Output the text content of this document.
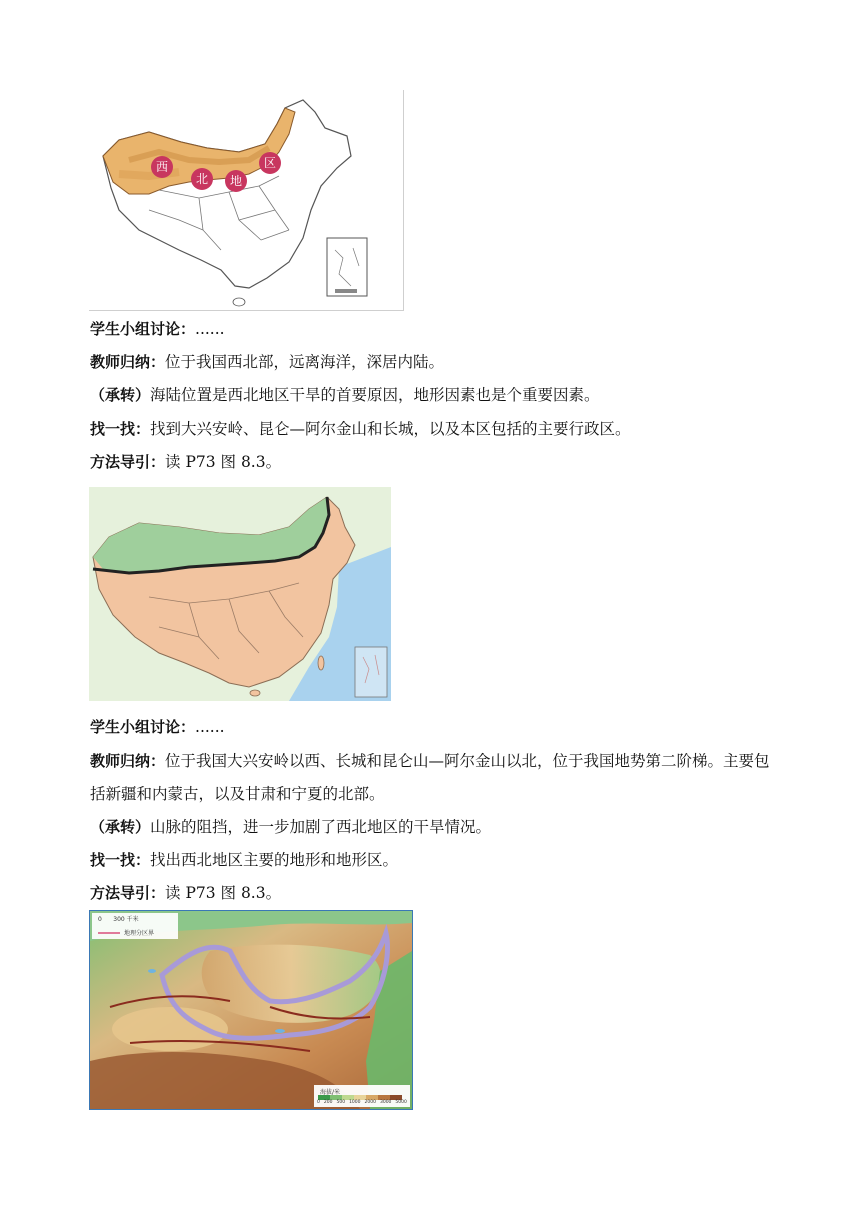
西
北	地
区
学生小组讨论：......
教师归纳：位于我国西北部，远离海洋，深居内陆。
（承转）海陆位置是西北地区干旱的首要原因，地形因素也是个重要因素。
找一找：找到大兴安岭、昆仑—阿尔金山和长城，以及本区包括的主要行政区。
方法导引：读 P73 图 8.3。
学生小组讨论：......
教师归纳：位于我国大兴安岭以西、长城和昆仑山—阿尔金山以北，位于我国地势第二阶梯。主要包括新疆和内蒙古，以及甘肃和宁夏的北部。
（承转）山脉的阻挡，进一步加剧了西北地区的干旱情况。
找一找：找出西北地区主要的地形和地形区。
方法导引：读 P73 图 8.3。
0      300 千米
地理分区界
海拔/米
0 200 500 1000 2000 3000 5000
